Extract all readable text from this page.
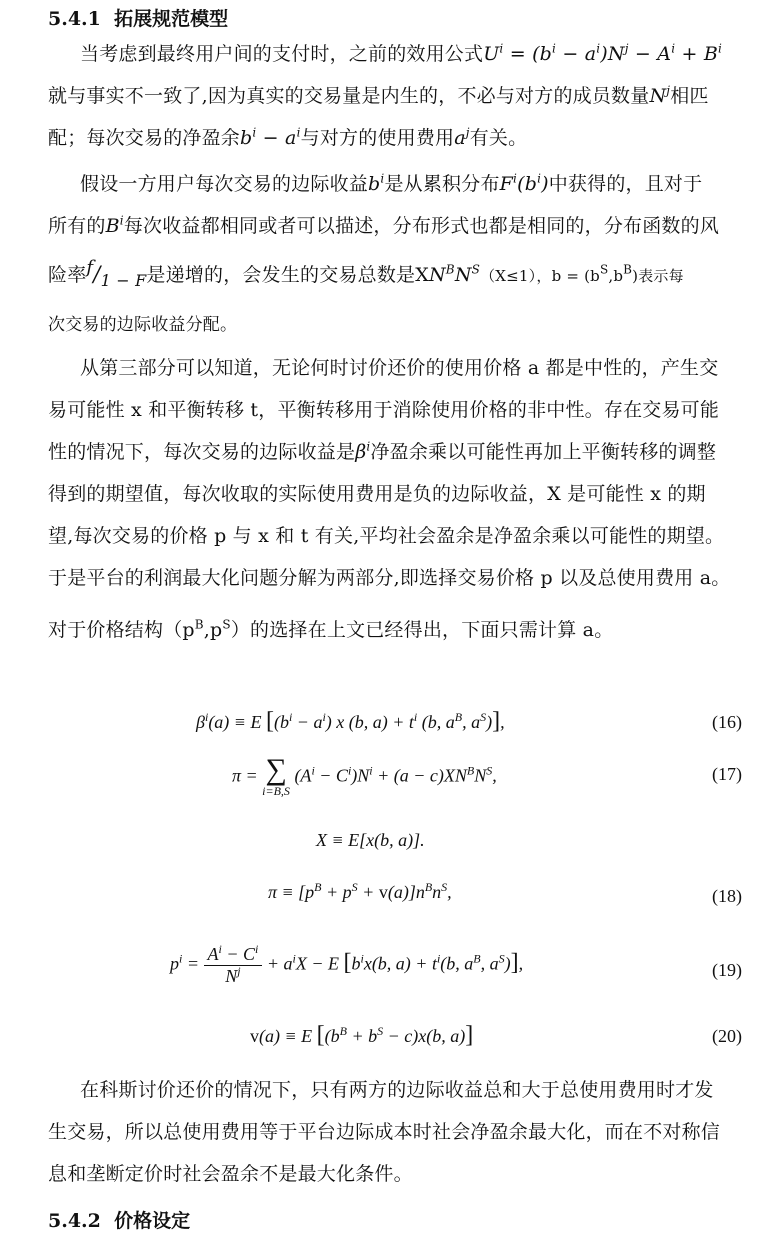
5.4.1 拓展规范模型
当考虑到最终用户间的支付时，之前的效用公式$U^i = (b^i - a^i)N^j - A^i + B^i$
就与事实不一致了,因为真实的交易量是内生的，不必与对方的成员数量$N^j$相匹
配；每次交易的净盈余$b^i - a^i$与对方的使用费用$a^j$有关。
假设一方用户每次交易的边际收益$b^i$是从累积分布$F^i(b^i)$中获得的，且对于
所有的$B^i$每次收益都相同或者可以描述，分布形式也都是相同的，分布函数的风
险率$^f/_{1 - F}$是递增的，会发生的交易总数是$XN^BN^S(X\le 1)$，$b = (b^S,b^B)$表示每
次交易的边际收益分配。
从第三部分可以知道，无论何时讨价还价的使用价格 a 都是中性的，产生交
易可能性 x 和平衡转移 t，平衡转移用于消除使用价格的非中性。存在交易可能
性的情况下，每次交易的边际收益是$\beta^i$净盈余乘以可能性再加上平衡转移的调整
得到的期望值，每次收取的实际使用费用是负的边际收益，X 是可能性 x 的期
望,每次交易的价格 p 与 x 和 t 有关,平均社会盈余是净盈余乘以可能性的期望。
于是平台的利润最大化问题分解为两部分,即选择交易价格 p 以及总使用费用 a。
对于价格结构$(p^B,p^S)$的选择在上文已经得出，下面只需计算 a。
$\beta^i(a) \equiv E$ [$(b^i - a^i)$ x (b, $a) + t^i$ (b, $a^B$, $a^S$)],	(16)
π = ∑
i=B,S
$(A^i - C^i)N^i + (a - c)XN^BN^S$,	(17)
X ≡ E[x(b, a)].
$\pi \equiv [p^B + p^S + v(a)]n^Bn^S$,	(18)
$p^i = \frac{A^i - C^i}{N^j} + a^iX - E$ [$b^ix(b$, $a) + t^i(b$, $a^B$, $a^S$)],	(19)
v(a) ≡ E [$(b^B + b^S - c)x(b$, a)]	(20)
在科斯讨价还价的情况下，只有两方的边际收益总和大于总使用费用时才发
生交易，所以总使用费用等于平台边际成本时社会净盈余最大化，而在不对称信
息和垄断定价时社会盈余不是最大化条件。
5.4.2 价格设定
